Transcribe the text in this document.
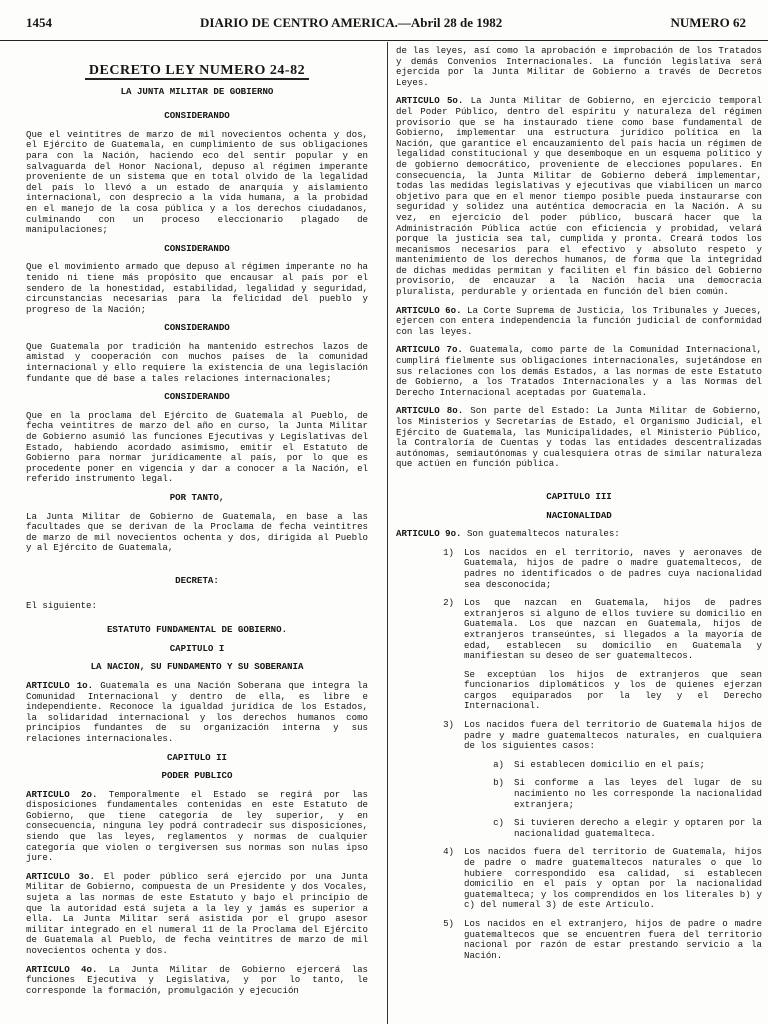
1454	DIARIO DE CENTRO AMERICA.—Abril 28 de 1982	NUMERO 62
DECRETO LEY NUMERO 24-82
LA JUNTA MILITAR DE GOBIERNO
CONSIDERANDO

Que el veintitres de marzo de mil novecientos ochenta y dos, el Ejército de Guatemala, en cumplimiento de sus obligaciones para con la Nación, haciendo eco del sentir popular y en salvaguarda del Honor Nacional, depuso al régimen imperante proveniente de un sistema que en total olvido de la legalidad del país lo llevó a un estado de anarquía y aislamiento internacional, con desprecio a la vida humana, a la probidad en el manejo de la cosa pública y a los derechos ciudadanos, culminando con un proceso eleccionario plagado de manipulaciones;

CONSIDERANDO

Que el movimiento armado que depuso al régimen imperante no ha tenido ni tiene más propósito que encausar al país por el sendero de la honestidad, estabilidad, legalidad y seguridad, circunstancias necesarias para la felicidad del pueblo y progreso de la Nación;

CONSIDERANDO

Que Guatemala por tradición ha mantenido estrechos lazos de amistad y cooperación con muchos países de la comunidad internacional y ello requiere la existencia de una legislación fundante que dé base a tales relaciones internacionales;

CONSIDERANDO

Que en la proclama del Ejército de Guatemala al Pueblo, de fecha veintitres de marzo del año en curso, la Junta Militar de Gobierno asumió las funciones Ejecutivas y Legislativas del Estado, habiendo acordado asimismo, emitir el Estatuto de Gobierno para normar jurídicamente al país, por lo que es procedente poner en vigencia y dar a conocer a la Nación, el referido instrumento legal.

POR TANTO,

La Junta Militar de Gobierno de Guatemala, en base a las facultades que se derivan de la Proclama de fecha veintitres de marzo de mil novecientos ochenta y dos, dirigida al Pueblo y al Ejército de Guatemala,

DECRETA:

El siguiente:

ESTATUTO FUNDAMENTAL DE GOBIERNO.
CAPITULO I
LA NACION, SU FUNDAMENTO Y SU SOBERANIA

ARTICULO 1o. Guatemala es una Nación Soberana que integra la Comunidad Internacional y dentro de ella, es libre e independiente. Reconoce la igualdad jurídica de los Estados, la solidaridad internacional y los derechos humanos como principios fundantes de su organización interna y sus relaciones internacionales.

CAPITULO II
PODER PUBLICO

ARTICULO 2o. Temporalmente el Estado se regirá por las disposiciones fundamentales contenidas en este Estatuto de Gobierno, que tiene categoría de ley superior, y en consecuencia, ninguna ley podrá contradecir sus disposiciones, siendo que las leyes, reglamentos y normas de cualquier categoría que violen o tergiversen sus normas son nulas ipso jure.

ARTICULO 3o. El poder público será ejercido por una Junta Militar de Gobierno, compuesta de un Presidente y dos Vocales, sujeta a las normas de este Estatuto y bajo el principio de que la autoridad está sujeta a la ley y jamás es superior a ella. La Junta Militar será asistida por el grupo asesor militar integrado en el numeral 11 de la Proclama del Ejército de Guatemala al Pueblo, de fecha veintitres de marzo de mil novecientos ochenta y dos.

ARTICULO 4o. La Junta Militar de Gobierno ejercerá las funciones Ejecutiva y Legislativa, y por lo tanto, le corresponde la formación, promulgación y ejecución

de las leyes, así como la aprobación e improbación de los Tratados y demás Convenios Internacionales. La función legislativa será ejercida por la Junta Militar de Gobierno a través de Decretos Leyes.

ARTICULO 5o. La Junta Militar de Gobierno, en ejercicio temporal del Poder Público, dentro del espíritu y naturaleza del régimen provisorio que se ha instaurado tiene como base fundamental de Gobierno, implementar una estructura jurídico política en la Nación, que garantice el encauzamiento del país hacia un régimen de legalidad constitucional y que desemboque en un esquema político y de gobierno democrático, proveniente de elecciones populares. En consecuencia, la Junta Militar de Gobierno deberá implementar, todas las medidas legislativas y ejecutivas que viabilicen un marco objetivo para que en el menor tiempo posible pueda instaurarse con seguridad y solidez una auténtica democracia en la Nación. A su vez, en ejercicio del poder público, buscará hacer que la Administración Pública actúe con eficiencia y probidad, velará porque la justicia sea tal, cumplida y pronta. Creará todos los mecanismos necesarios para el efectivo y absoluto respeto y mantenimiento de los derechos humanos, de forma que la integridad de dichas medidas permitan y faciliten el fin básico del Gobierno provisorio, de encauzar a la Nación hacia una democracia pluralista, perdurable y orientada en función del bien común.

ARTICULO 6o. La Corte Suprema de Justicia, los Tribunales y Jueces, ejercen con entera independencia la función judicial de conformidad con las leyes.

ARTICULO 7o. Guatemala, como parte de la Comunidad Internacional, cumplirá fielmente sus obligaciones internacionales, sujetándose en sus relaciones con los demás Estados, a las normas de este Estatuto de Gobierno, a los Tratados Internacionales y a las Normas del Derecho Internacional aceptadas por Guatemala.

ARTICULO 8o. Son parte del Estado: La Junta Militar de Gobierno, los Ministerios y Secretarías de Estado, el Organismo Judicial, el Ejército de Guatemala, las Municipalidades, el Ministerio Público, la Contraloría de Cuentas y todas las entidades descentralizadas autónomas, semiautónomas y cualesquiera otras de similar naturaleza que actúen en función pública.

CAPITULO III
NACIONALIDAD

ARTICULO 9o. Son guatemaltecos naturales:

1)	Los nacidos en el territorio, naves y aeronaves de Guatemala, hijos de padre o madre guatemaltecos, de padres no identificados o de padres cuya nacionalidad sea desconocida;
2)	Los que nazcan en Guatemala, hijos de padres extranjeros si alguno de ellos tuviere su domicilio en Guatemala. Los que nazcan en Guatemala, hijos de extranjeros transeúntes, si llegados a la mayoría de edad, establecen su domicilio en Guatemala y manifiestan su deseo de ser guatemaltecos.
Se exceptúan los hijos de extranjeros que sean funcionarios diplomáticos y los de quienes ejerzan cargos equiparados por la ley y el Derecho Internacional.
3)	Los nacidos fuera del territorio de Guatemala hijos de padre y madre guatemaltecos naturales, en cualquiera de los siguientes casos:
a)	Si establecen domicilio en el país;
b)	Si conforme a las leyes del lugar de su nacimiento no les corresponde la nacionalidad extranjera;
c)	Si tuvieren derecho a elegir y optaren por la nacionalidad guatemalteca.
4)	Los nacidos fuera del territorio de Guatemala, hijos de padre o madre guatemaltecos naturales o que lo hubiere correspondido esa calidad, si establecen domicilio en el país y optan por la nacionalidad guatemalteca; y los comprendidos en los literales b) y c) del numeral 3) de este Artículo.
5)	Los nacidos en el extranjero, hijos de padre o madre guatemaltecos que se encuentren fuera del territorio nacional por razón de estar prestando servicio a la Nación.
